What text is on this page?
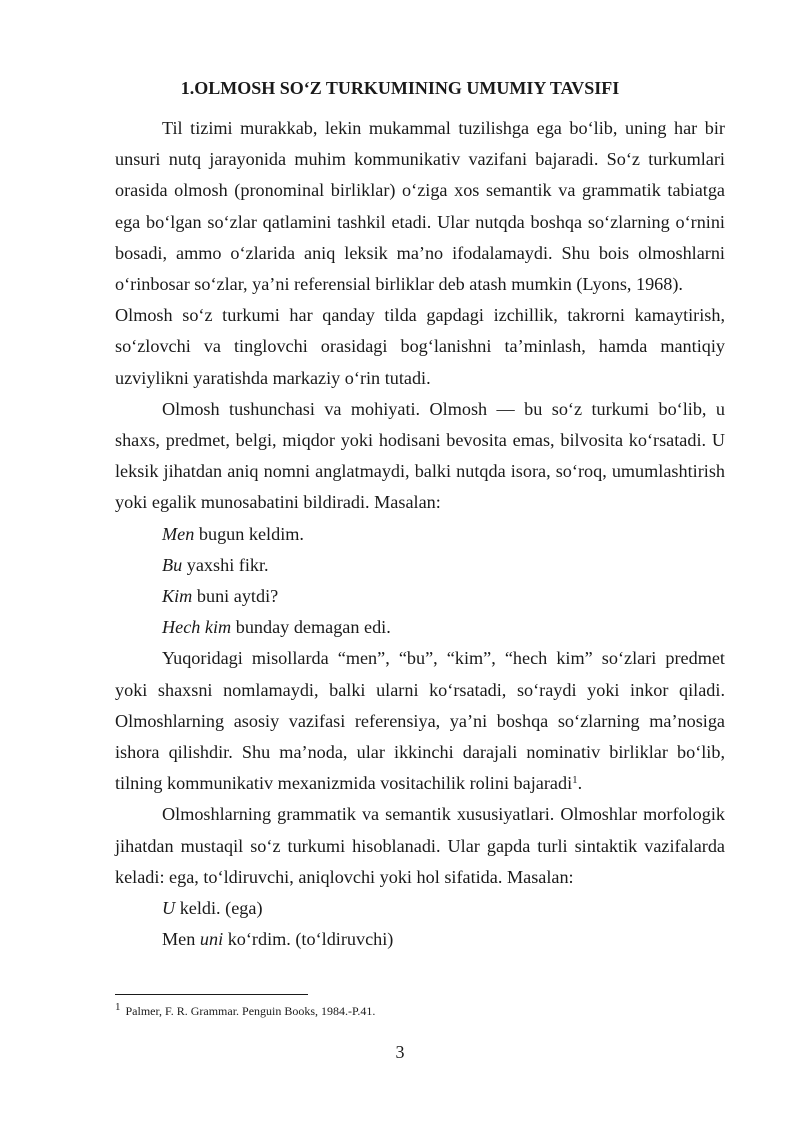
1.OLMOSH SO‘Z TURKUMINING UMUMIY TAVSIFI

Til tizimi murakkab, lekin mukammal tuzilishga ega bo‘lib, uning har bir unsuri nutq jarayonida muhim kommunikativ vazifani bajaradi. So‘z turkumlari orasida olmosh (pronominal birliklar) o‘ziga xos semantik va grammatik tabiatga ega bo‘lgan so‘zlar qatlamini tashkil etadi. Ular nutqda boshqa so‘zlarning o‘rnini bosadi, ammo o‘zlarida aniq leksik ma’no ifodalamaydi. Shu bois olmoshlarni o‘rinbosar so‘zlar, ya’ni referensial birliklar deb atash mumkin (Lyons, 1968).

Olmosh so‘z turkumi har qanday tilda gapdagi izchillik, takrorni kamaytirish, so‘zlovchi va tinglovchi orasidagi bog‘lanishni ta’minlash, hamda mantiqiy uzviylikni yaratishda markaziy o‘rin tutadi.

Olmosh tushunchasi va mohiyati. Olmosh — bu so‘z turkumi bo‘lib, u shaxs, predmet, belgi, miqdor yoki hodisani bevosita emas, bilvosita ko‘rsatadi. U leksik jihatdan aniq nomni anglatmaydi, balki nutqda isora, so‘roq, umumlashtirish yoki egalik munosabatini bildiradi. Masalan:

Men bugun keldim.

Bu yaxshi fikr.

Kim buni aytdi?

Hech kim bunday demagan edi.

Yuqoridagi misollarda “men”, “bu”, “kim”, “hech kim” so‘zlari predmet yoki shaxsni nomlamaydi, balki ularni ko‘rsatadi, so‘raydi yoki inkor qiladi. Olmoshlarning asosiy vazifasi referensiya, ya’ni boshqa so‘zlarning ma’nosiga ishora qilishdir. Shu ma’noda, ular ikkinchi darajali nominativ birliklar bo‘lib, tilning kommunikativ mexanizmida vositachilik rolini bajaradi$^1$.

Olmoshlarning grammatik va semantik xususiyatlari. Olmoshlar morfologik jihatdan mustaqil so‘z turkumi hisoblanadi. Ular gapda turli sintaktik vazifalarda keladi: ega, to‘ldiruvchi, aniqlovchi yoki hol sifatida. Masalan:

U keldi. (ega)

Men uni ko‘rdim. (to‘ldiruvchi)

$^1$ Palmer, F. R. Grammar. Penguin Books, 1984.-P.41.
3
